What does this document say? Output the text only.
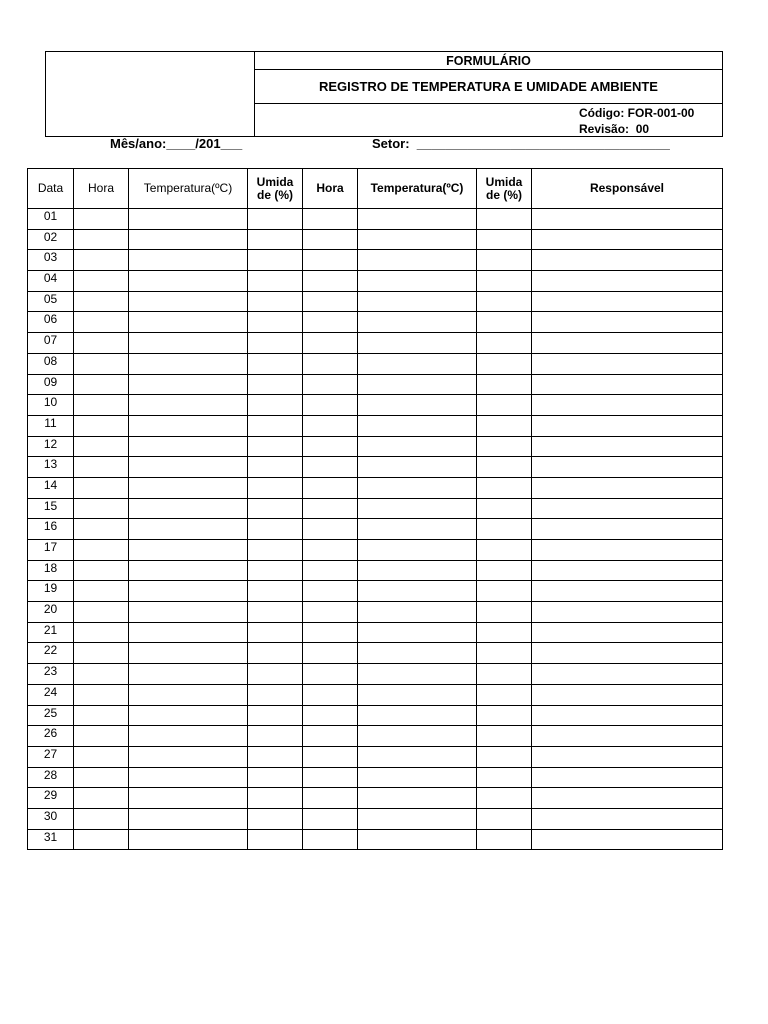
FORMULÁRIO
REGISTRO DE TEMPERATURA E UMIDADE AMBIENTE
Código: FOR-001-00
Revisão:  00
Mês/ano:____/201___	Setor:  ___________________________________
Data	Hora	Temperatura(ºC)	Umida
de (%)	Hora	Temperatura(ºC)	Umida
de (%)	Responsável
01							
02							
03							
04							
05							
06							
07							
08							
09							
10							
11							
12							
13							
14							
15							
16							
17							
18							
19							
20							
21							
22							
23							
24							
25							
26							
27							
28							
29							
30							
31							
